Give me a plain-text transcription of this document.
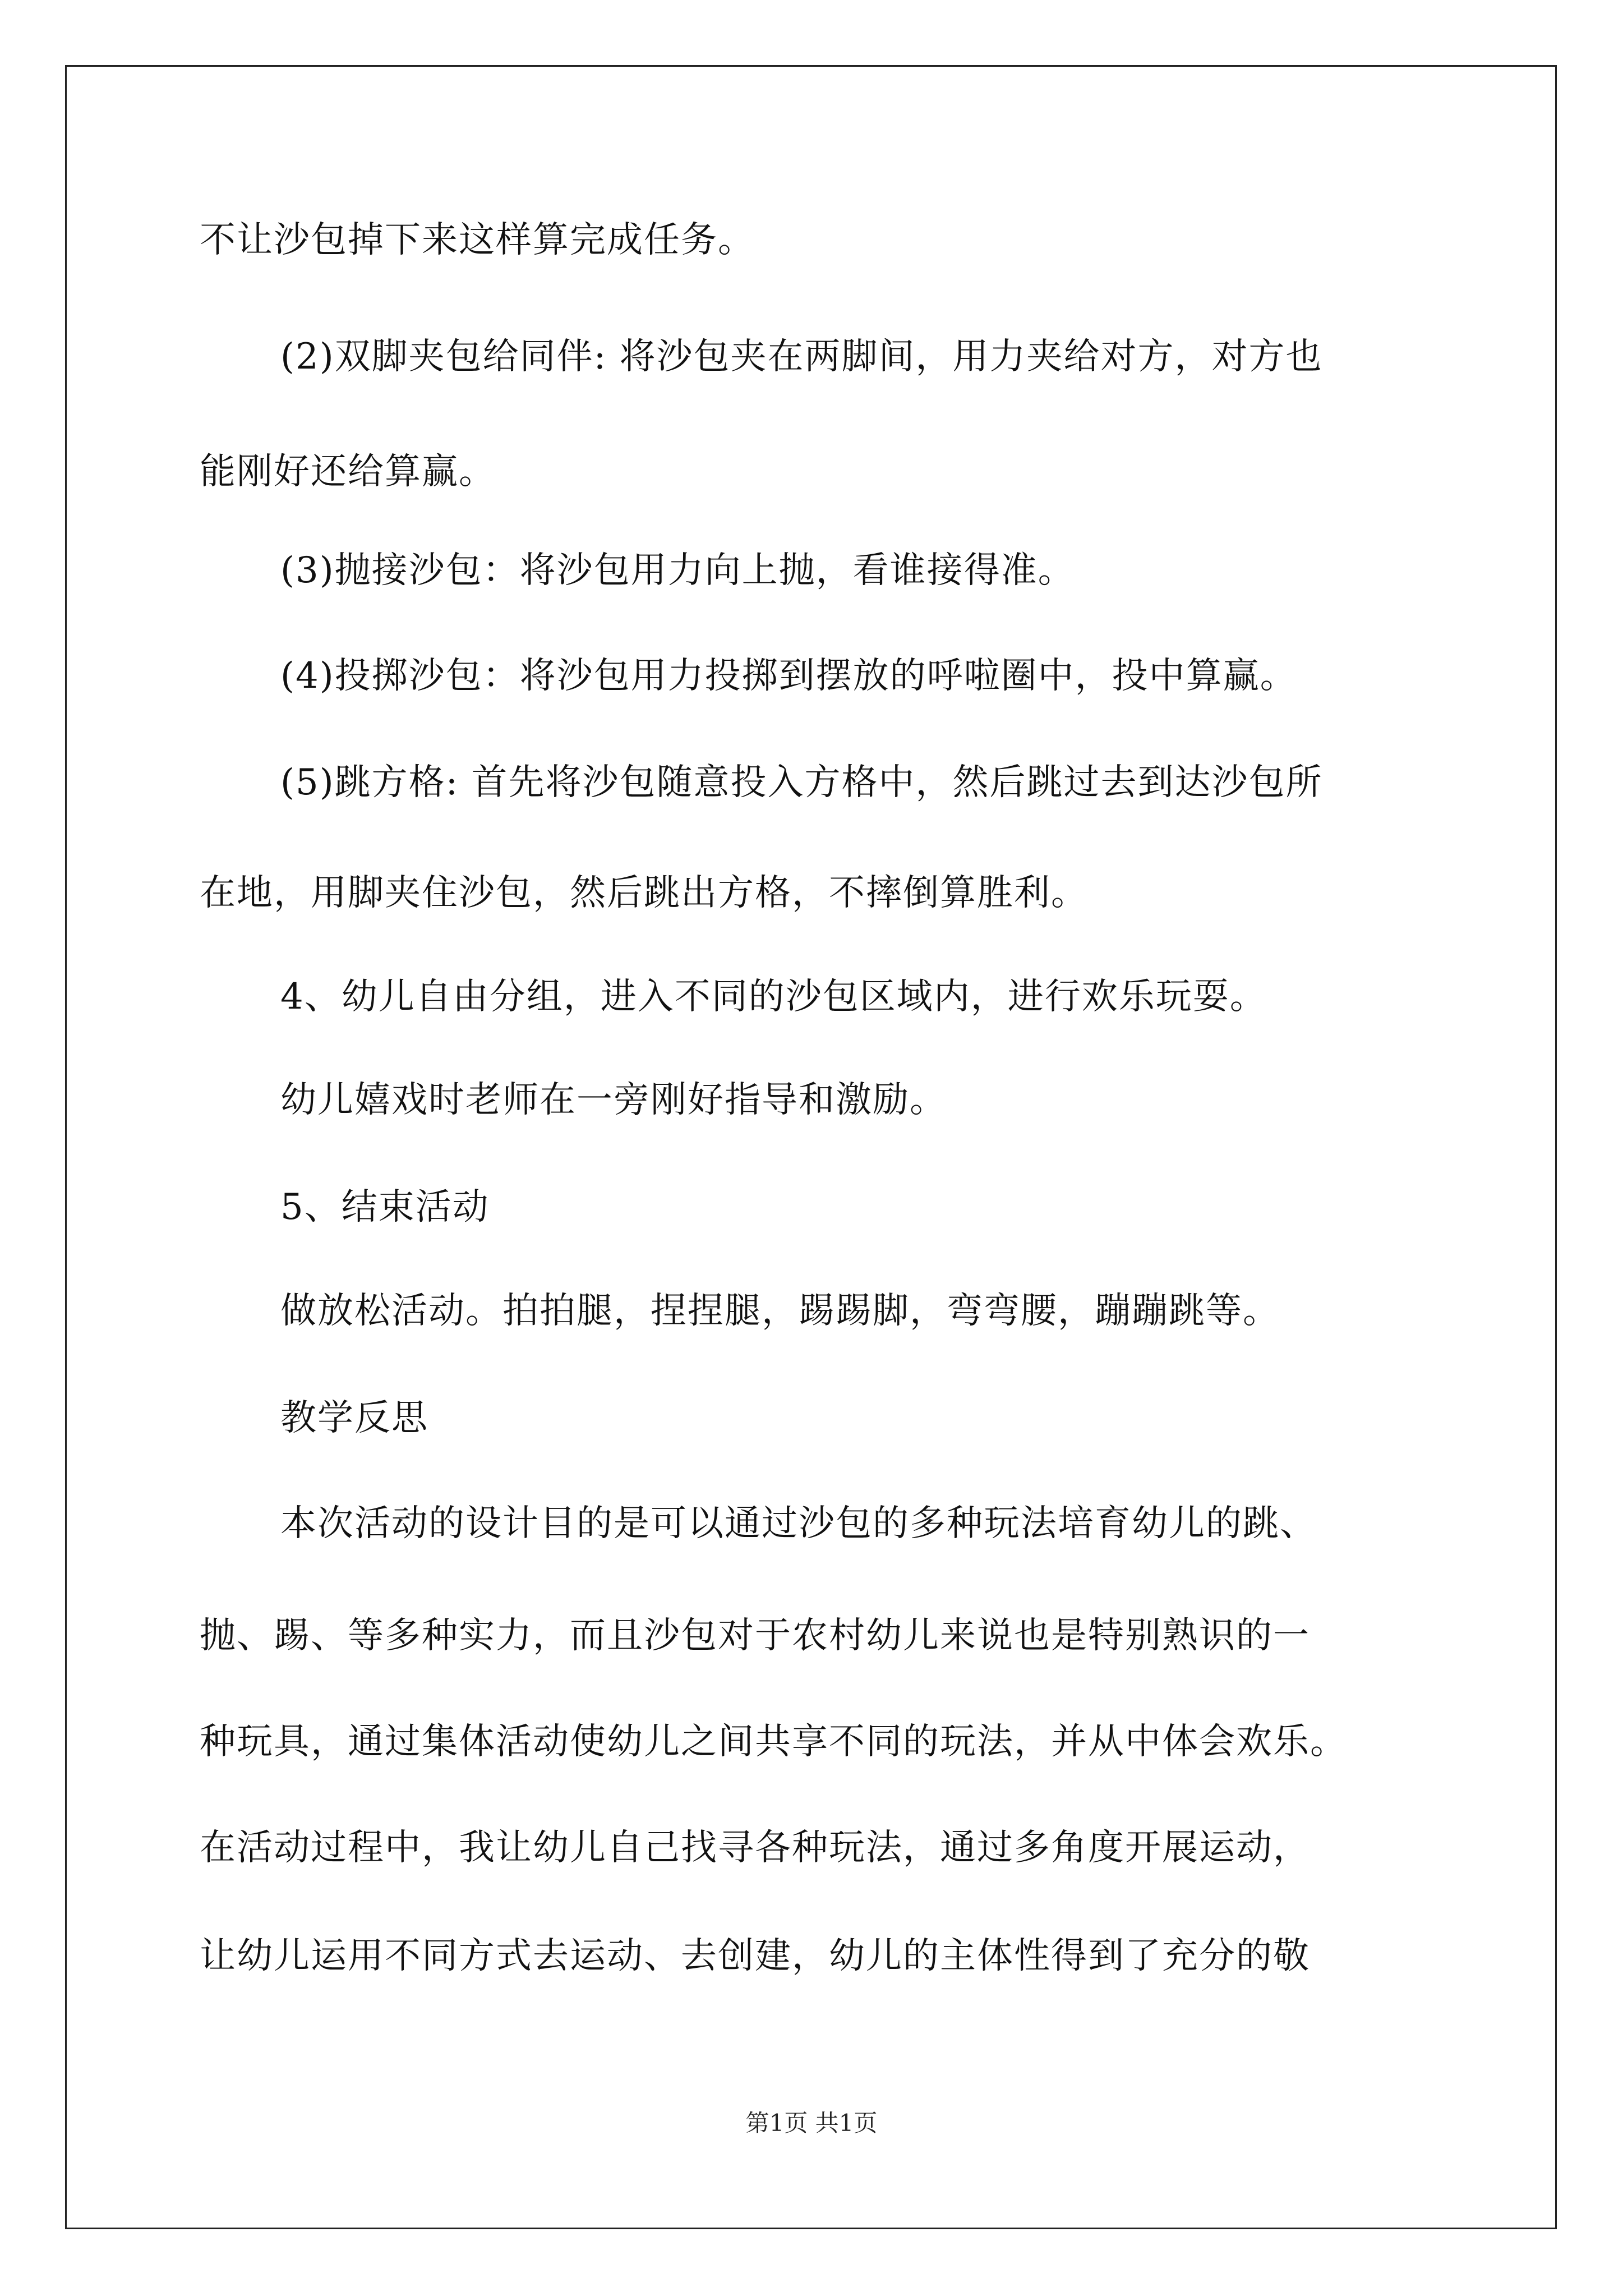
不让沙包掉下来这样算完成任务。
(2)双脚夹包给同伴: 将沙包夹在两脚间，用力夹给对方，对方也
能刚好还给算赢。
(3)抛接沙包：将沙包用力向上抛，看谁接得准。
(4)投掷沙包：将沙包用力投掷到摆放的呼啦圈中，投中算赢。
(5)跳方格: 首先将沙包随意投入方格中，然后跳过去到达沙包所
在地，用脚夹住沙包，然后跳出方格，不摔倒算胜利。
4、幼儿自由分组，进入不同的沙包区域内，进行欢乐玩耍。
幼儿嬉戏时老师在一旁刚好指导和激励。
5、结束活动
做放松活动。拍拍腿，捏捏腿，踢踢脚，弯弯腰，蹦蹦跳等。
教学反思
本次活动的设计目的是可以通过沙包的多种玩法培育幼儿的跳、
抛、踢、等多种实力，而且沙包对于农村幼儿来说也是特别熟识的一
种玩具，通过集体活动使幼儿之间共享不同的玩法，并从中体会欢乐。
在活动过程中，我让幼儿自己找寻各种玩法，通过多角度开展运动，
让幼儿运用不同方式去运动、去创建，幼儿的主体性得到了充分的敬
第1页 共1页
